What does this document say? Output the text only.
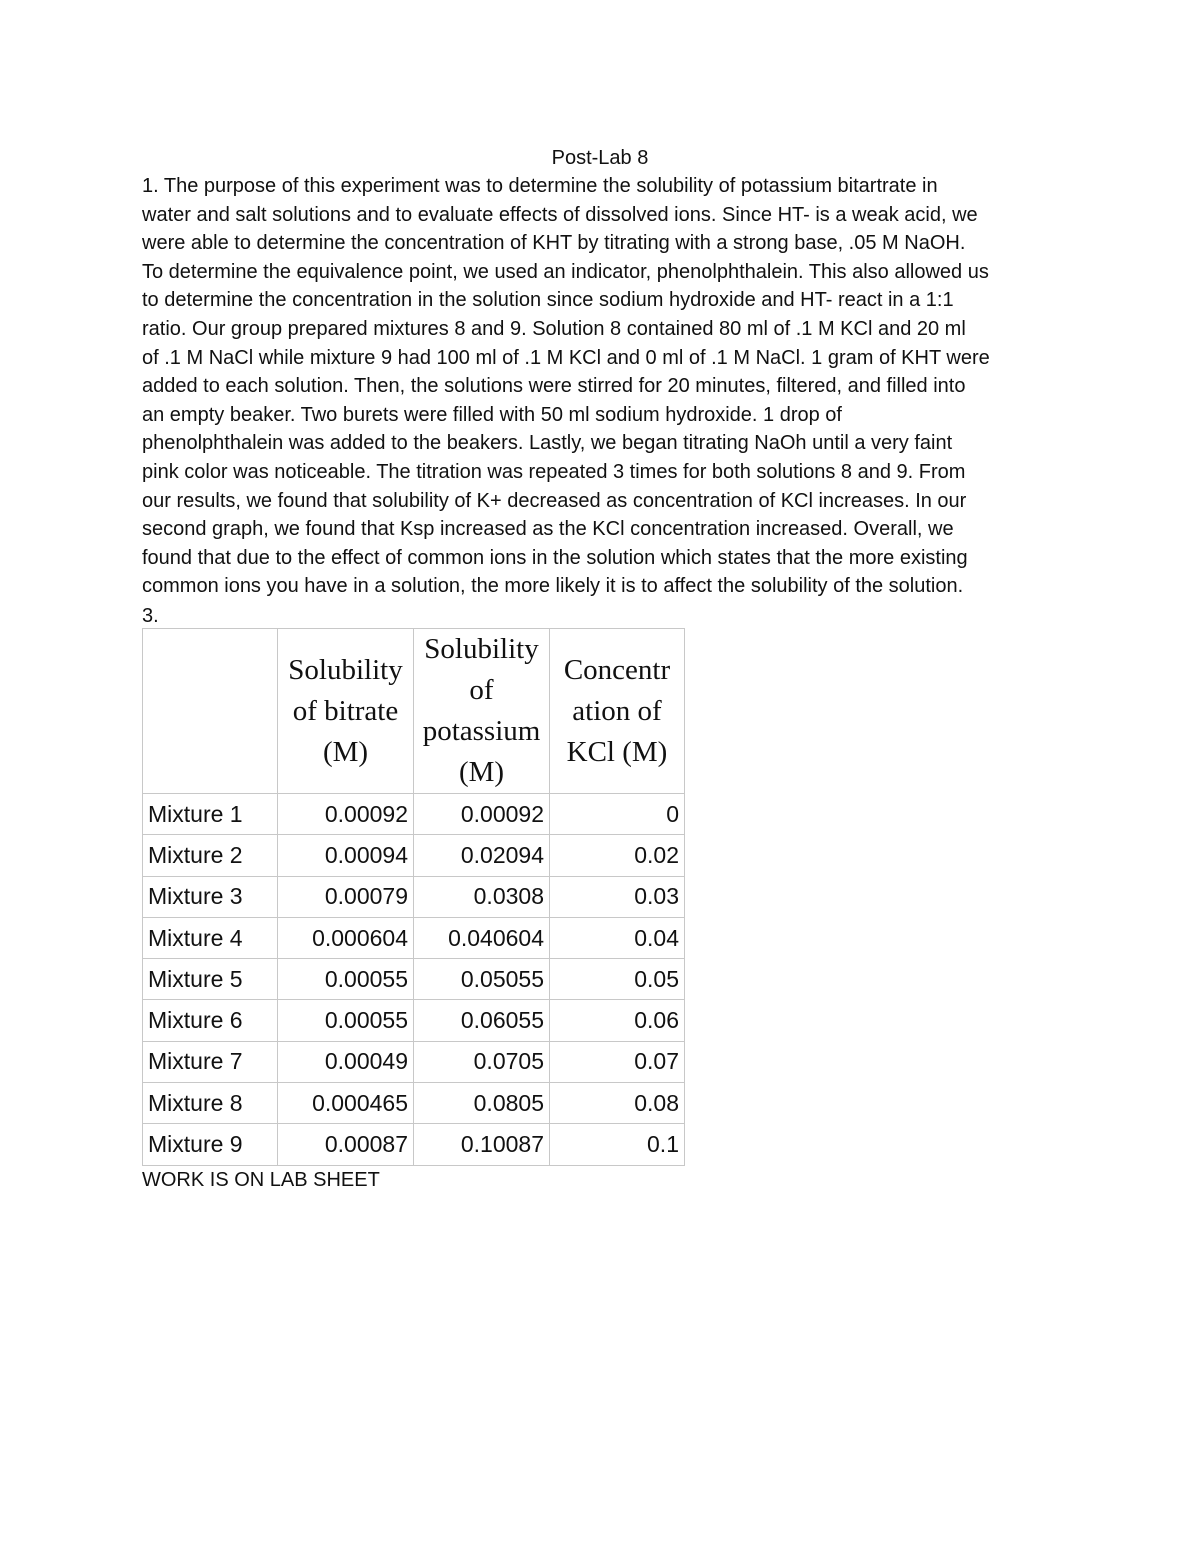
Post-Lab 8
1. The purpose of this experiment was to determine the solubility of potassium bitartrate in
water and salt solutions and to evaluate effects of dissolved ions. Since HT- is a weak acid, we
were able to determine the concentration of KHT by titrating with a strong base, .05 M NaOH.
To determine the equivalence point, we used an indicator, phenolphthalein. This also allowed us
to determine the concentration in the solution since sodium hydroxide and HT- react in a 1:1
ratio. Our group prepared mixtures 8 and 9. Solution 8 contained 80 ml of .1 M KCl and 20 ml
of .1 M NaCl while mixture 9 had 100 ml of .1 M KCl and 0 ml of .1 M NaCl. 1 gram of KHT were
added to each solution. Then, the solutions were stirred for 20 minutes, filtered, and filled into
an empty beaker. Two burets were filled with 50 ml sodium hydroxide. 1 drop of
phenolphthalein was added to the beakers. Lastly, we began titrating NaOh until a very faint
pink color was noticeable. The titration was repeated 3 times for both solutions 8 and 9. From
our results, we found that solubility of K+ decreased as concentration of KCl increases. In our
second graph, we found that Ksp increased as the KCl concentration increased. Overall, we
found that due to the effect of common ions in the solution which states that the more existing
common ions you have in a solution, the more likely it is to affect the solubility of the solution.
3.
	Solubility of bitrate (M)	Solubility of potassium (M)	Concentr ation of KCl (M)
Mixture 1	0.00092	0.00092	0
Mixture 2	0.00094	0.02094	0.02
Mixture 3	0.00079	0.0308	0.03
Mixture 4	0.000604	0.040604	0.04
Mixture 5	0.00055	0.05055	0.05
Mixture 6	0.00055	0.06055	0.06
Mixture 7	0.00049	0.0705	0.07
Mixture 8	0.000465	0.0805	0.08
Mixture 9	0.00087	0.10087	0.1
WORK IS ON LAB SHEET
